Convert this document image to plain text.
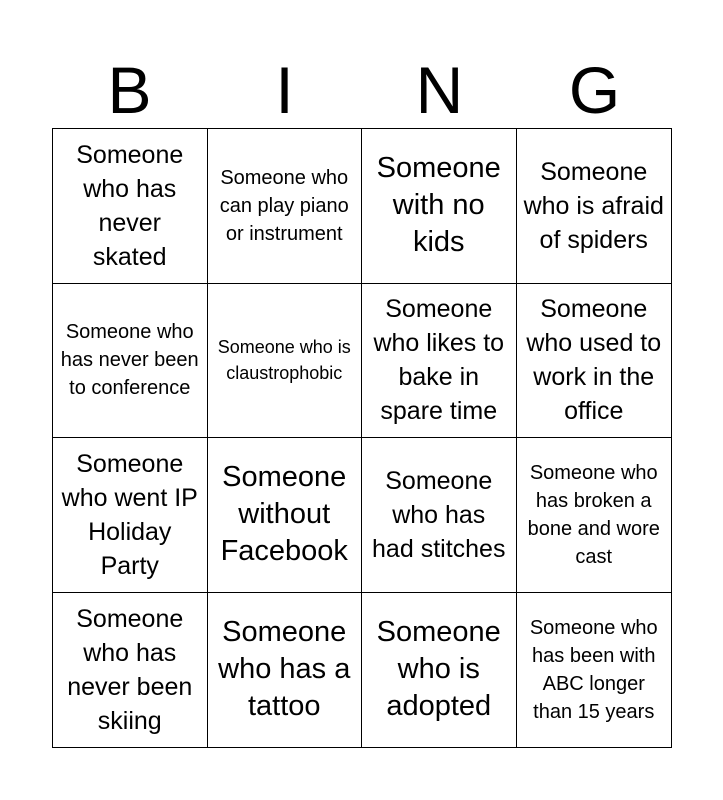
B	I	N	G
Someone who has never skated
Someone who can play piano or instrument
Someone with no kids
Someone who is afraid of spiders
Someone who has never been to conference
Someone who is claustrophobic
Someone who likes to bake in spare time
Someone who used to work in the office
Someone who went IP Holiday Party
Someone without Facebook
Someone who has had stitches
Someone who has broken a bone and wore cast
Someone who has never been skiing
Someone who has a tattoo
Someone who is adopted
Someone who has been with ABC longer than 15 years
